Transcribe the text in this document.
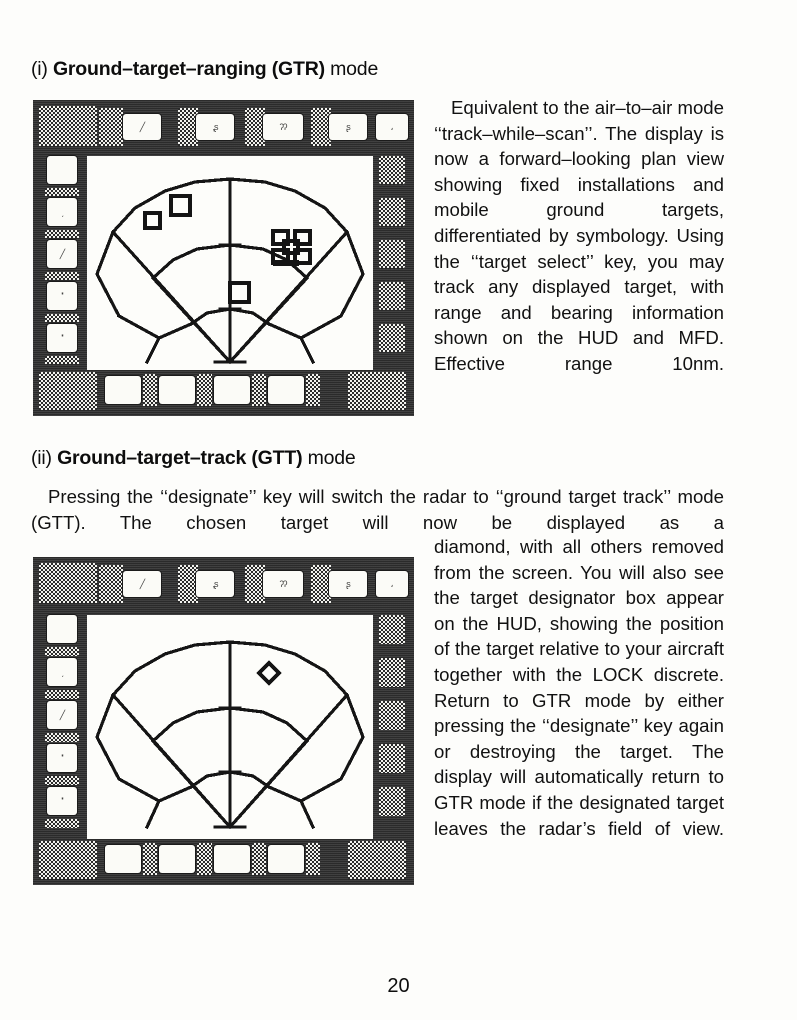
(i) Ground–target–ranging (GTR) mode

Equivalent to the air–to–air mode ‘‘track–while–scan’’. The display is now a forward–looking plan view showing fixed installations and mobile ground targets, differentiated by symbology. Using the ‘‘target select’’ key, you may track any displayed target, with range and bearing information shown on the HUD and MFD. Effective range 10nm.

╱	,ʂ	ʔʔ	ʂ	،
ˏ
╱
ʹʹ
ʹʹ
(ii) Ground–target–track (GTT) mode

Pressing the ‘‘designate’’ key will switch the radar to ‘‘ground target track’’ mode (GTT). The chosen target will now be displayed as a

diamond, with all others removed from the screen. You will also see the target designator box appear on the HUD, showing the position of the target relative to your aircraft together with the LOCK discrete. Return to GTR mode by either pressing the ‘‘designate’’ key again or destroying the target. The display will automatically return to GTR mode if the designated target leaves the radar’s field of view.

╱	,ʂ	ʔʔ	ʂ	،
ˏ
╱
ʹʹ
ʹʹ
20
